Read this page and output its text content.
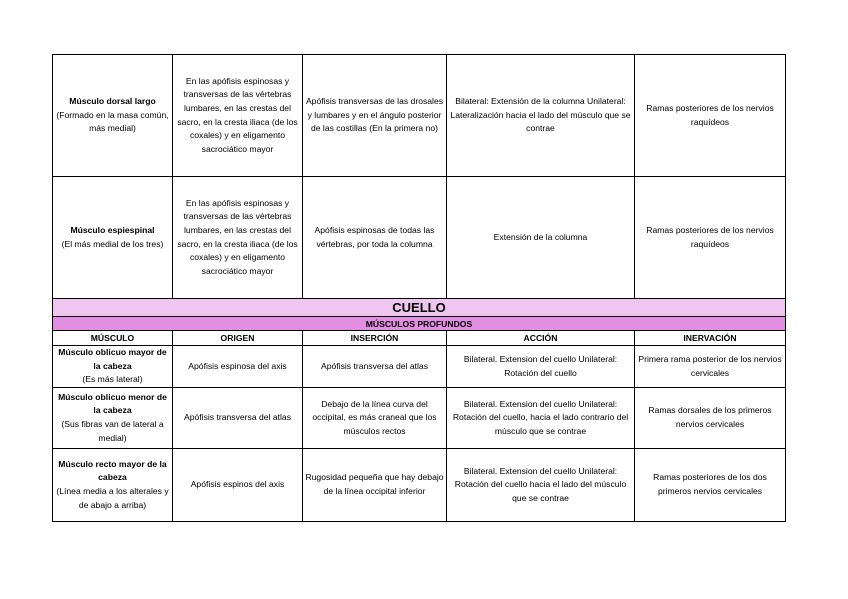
Músculo dorsal largo
(Formado en la masa común, más medial)	En las apófisis espinosas y transversas de las vértebras lumbares, en las crestas del sacro, en la cresta iliaca (de los coxales) y en eligamento sacrociático mayor	Apófisis transversas de las drosales y lumbares y en el ángulo posterior de las costillas (En la primera no)	Bilateral: Extensión de la columna Unilateral: Lateralización hacia el lado del músculo que se contrae	Ramas posteriores de los nervios raquídeos

Músculo espiespinal
(El más medial de los tres)	En las apófisis espinosas y transversas de las vértebras lumbares, en las crestas del sacro, en la cresta iliaca (de los coxales) y en eligamento sacrociático mayor	Apófisis espinosas de todas las vértebras, por toda la columna	Extensión de la columna	Ramas posteriores de los nervios raquídeos
CUELLO				
MÚSCULOS PROFUNDOS				
MÚSCULO	ORIGEN	INSERCIÓN	ACCIÓN	INERVACIÓN

Músculo oblicuo mayor de la cabeza
(Es más lateral)	Apófisis espinosa del axis	Apófisis transversa del atlas	Bilateral. Extension del cuello Unilateral: Rotación del cuello	Primera rama posterior de los nervios cervicales

Músculo oblicuo menor de la cabeza
(Sus fibras van de lateral a medial)	Apófisis transversa del atlas	Debajo de la línea curva del occipital, es más craneal que los músculos rectos	Bilateral. Extension del cuello Unilateral: Rotación del cuello, hacia el lado contrario del músculo que se contrae	Ramas dorsales de los primeros nervios cervicales

Músculo recto mayor de la cabeza
(Línea media a los alterales y de abajo a arriba)	Apófisis espinos del axis	Rugosidad pequeña que hay debajo de la línea occipital inferior	Bilateral. Extension del cuello Unilateral: Rotación del cuello hacia el lado del músculo que se contrae	Ramas posteriores de los dos primeros nervios cervicales
